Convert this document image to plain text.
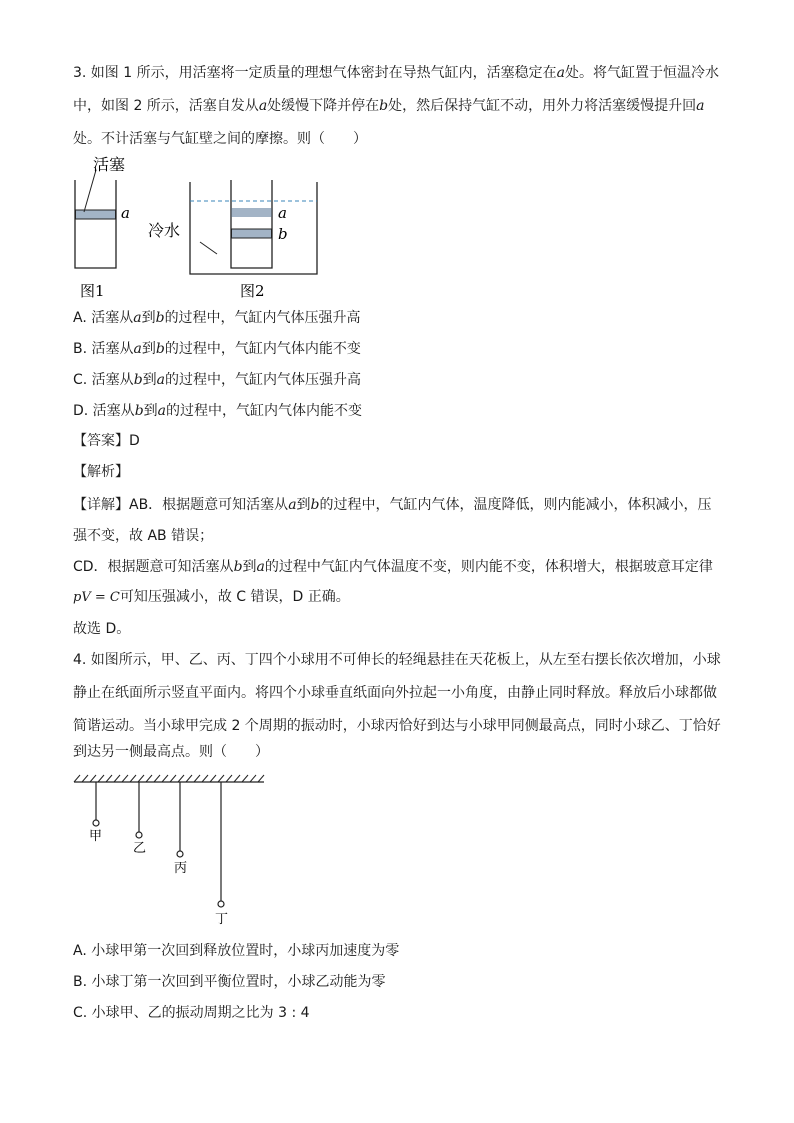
3. 如图 1 所示，用活塞将一定质量的理想气体密封在导热气缸内，活塞稳定在a处。将气缸置于恒温冷水
中，如图 2 所示，活塞自发从a处缓慢下降并停在b处，然后保持气缸不动，用外力将活塞缓慢提升回a
处。不计活塞与气缸壁之间的摩擦。则（　　）
活塞
a	a
b
冷水
图1	图2
A. 活塞从a到b的过程中，气缸内气体压强升高
B. 活塞从a到b的过程中，气缸内气体内能不变
C. 活塞从b到a的过程中，气缸内气体压强升高
D. 活塞从b到a的过程中，气缸内气体内能不变
【答案】D
【解析】
【详解】AB．根据题意可知活塞从a到b的过程中，气缸内气体，温度降低，则内能减小，体积减小，压
强不变，故 AB 错误；
CD．根据题意可知活塞从b到a的过程中气缸内气体温度不变，则内能不变，体积增大，根据玻意耳定律
pV = C可知压强减小，故 C 错误，D 正确。
故选 D。
4. 如图所示，甲、乙、丙、丁四个小球用不可伸长的轻绳悬挂在天花板上，从左至右摆长依次增加，小球
静止在纸面所示竖直平面内。将四个小球垂直纸面向外拉起一小角度，由静止同时释放。释放后小球都做
简谐运动。当小球甲完成 2 个周期的振动时，小球丙恰好到达与小球甲同侧最高点，同时小球乙、丁恰好
到达另一侧最高点。则（　　）
甲
乙
丙
丁
A. 小球甲第一次回到释放位置时，小球丙加速度为零
B. 小球丁第一次回到平衡位置时，小球乙动能为零
C. 小球甲、乙的振动周期之比为 3 : 4
